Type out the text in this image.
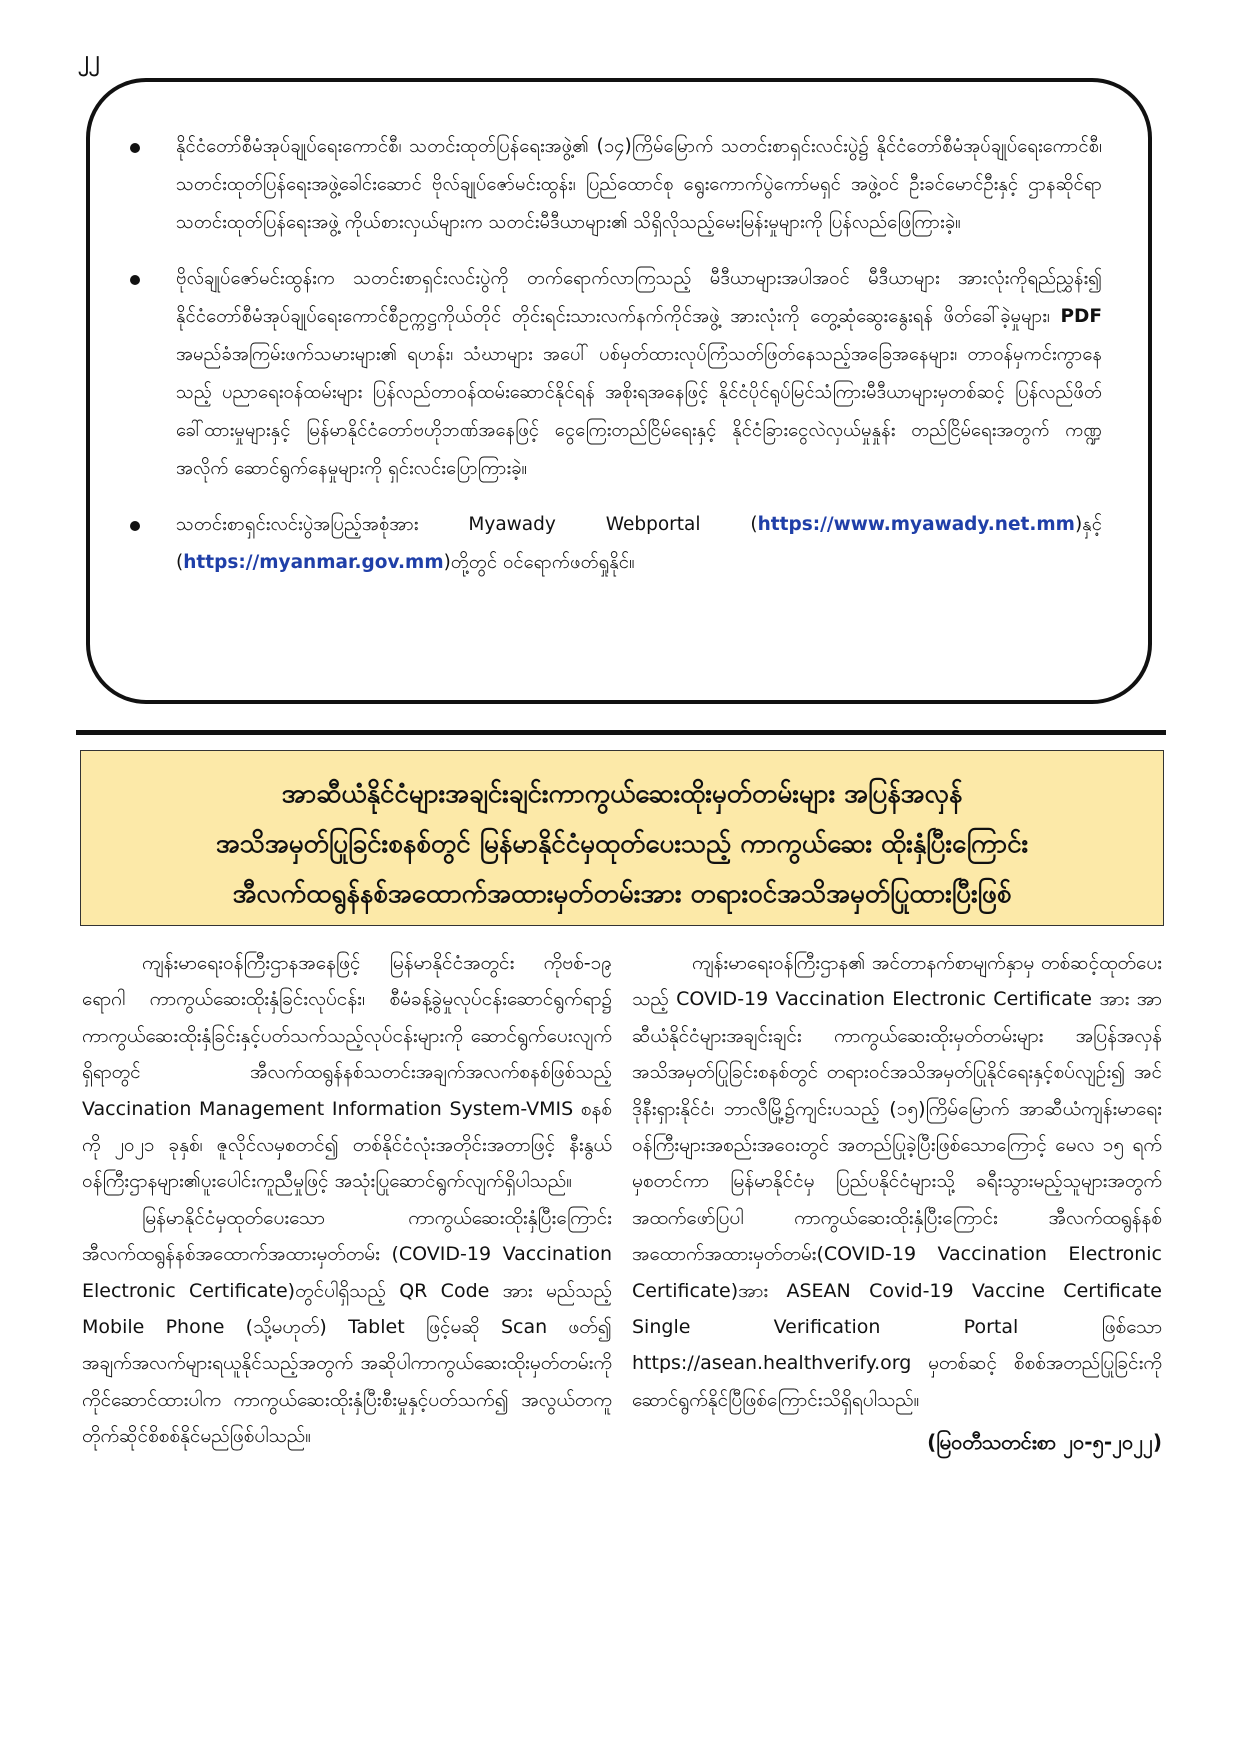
၂၂
နိုင်ငံတော်စီမံအုပ်ချုပ်ရေးကောင်စီ၊ သတင်းထုတ်ပြန်ရေးအဖွဲ့၏ (၁၄)ကြိမ်မြောက် သတင်းစာရှင်းလင်းပွဲ၌ နိုင်ငံတော်စီမံအုပ်ချုပ်ရေးကောင်စီ၊ သတင်းထုတ်ပြန်ရေးအဖွဲ့ခေါင်းဆောင် ဗိုလ်ချုပ်ဇော်မင်းထွန်း၊ ပြည်ထောင်စု ရွေးကောက်ပွဲကော်မရှင် အဖွဲ့ဝင် ဦးခင်မောင်ဦးနှင့် ဌာနဆိုင်ရာသတင်းထုတ်ပြန်ရေးအဖွဲ့ ကိုယ်စားလှယ်များက သတင်းမီဒီယာများ၏ သိရှိလိုသည့်မေးမြန်းမှုများကို ပြန်လည်ဖြေကြားခဲ့။
ဗိုလ်ချုပ်ဇော်မင်းထွန်းက သတင်းစာရှင်းလင်းပွဲကို တက်ရောက်လာကြသည့် မီဒီယာများအပါအဝင် မီဒီယာများ အားလုံးကိုရည်ညွှန်း၍ နိုင်ငံတော်စီမံအုပ်ချုပ်ရေးကောင်စီဥက္ကဋ္ဌကိုယ်တိုင် တိုင်းရင်းသားလက်နက်ကိုင်အဖွဲ့ အားလုံးကို တွေ့ဆုံဆွေးနွေးရန် ဖိတ်ခေါ်ခဲ့မှုများ၊ PDF အမည်ခံအကြမ်းဖက်သမားများ၏ ရဟန်း၊ သံဃာများ အပေါ် ပစ်မှတ်ထားလုပ်ကြံသတ်ဖြတ်နေသည့်အခြေအနေများ၊ တာဝန်မှကင်းကွာနေသည့် ပညာရေးဝန်ထမ်းများ ပြန်လည်တာဝန်ထမ်းဆောင်နိုင်ရန် အစိုးရအနေဖြင့် နိုင်ငံပိုင်ရုပ်မြင်သံကြားမီဒီယာများမှတစ်ဆင့် ပြန်လည်ဖိတ်ခေါ်ထားမှုများနှင့် မြန်မာနိုင်ငံတော်ဗဟိုဘဏ်အနေဖြင့် ငွေကြေးတည်ငြိမ်ရေးနှင့် နိုင်ငံခြားငွေလဲလှယ်မှုနှုန်း တည်ငြိမ်ရေးအတွက် ကဏ္ဍအလိုက် ဆောင်ရွက်နေမှုများကို ရှင်းလင်းပြောကြားခဲ့။
သတင်းစာရှင်းလင်းပွဲအပြည့်အစုံအား Myawady Webportal (https://www.myawady.net.mm)နှင့် (https://myanmar.gov.mm)တို့တွင် ဝင်ရောက်ဖတ်ရှုနိုင်။
အာဆီယံနိုင်ငံများအချင်းချင်းကာကွယ်ဆေးထိုးမှတ်တမ်းများ အပြန်အလှန်
အသိအမှတ်ပြုခြင်းစနစ်တွင် မြန်မာနိုင်ငံမှထုတ်ပေးသည့် ကာကွယ်ဆေး ထိုးနှံပြီးကြောင်း
အီလက်ထရွန်နစ်အထောက်အထားမှတ်တမ်းအား တရားဝင်အသိအမှတ်ပြုထားပြီးဖြစ်

ကျန်းမာရေးဝန်ကြီးဌာနအနေဖြင့် မြန်မာနိုင်ငံအတွင်း ကိုဗစ်-၁၉ ရောဂါ ကာကွယ်ဆေးထိုးနှံခြင်းလုပ်ငန်း၊ စီမံခန့်ခွဲမှုလုပ်ငန်းဆောင်ရွက်ရာ၌ ကာကွယ်ဆေးထိုးနှံခြင်းနှင့်ပတ်သက်သည့်လုပ်ငန်းများကို ဆောင်ရွက်ပေးလျက်ရှိရာတွင် အီလက်ထရွန်နစ်သတင်းအချက်အလက်စနစ်ဖြစ်သည့် Vaccination Management Information System-VMIS စနစ်ကို ၂၀၂၁ ခုနှစ်၊ ဇူလိုင်လမှစတင်၍ တစ်နိုင်ငံလုံးအတိုင်းအတာဖြင့် နီးနွယ်ဝန်ကြီးဌာနများ၏ပူးပေါင်းကူညီမှုဖြင့် အသုံးပြုဆောင်ရွက်လျက်ရှိပါသည်။

မြန်မာနိုင်ငံမှထုတ်ပေးသော ကာကွယ်ဆေးထိုးနှံပြီးကြောင်း အီလက်ထရွန်နစ်အထောက်အထားမှတ်တမ်း (COVID-19 Vaccination Electronic Certificate)တွင်ပါရှိသည့် QR Code အား မည်သည့် Mobile Phone (သို့မဟုတ်) Tablet ဖြင့်မဆို Scan ဖတ်၍ အချက်အလက်များရယူနိုင်သည့်အတွက် အဆိုပါကာကွယ်ဆေးထိုးမှတ်တမ်းကို ကိုင်ဆောင်ထားပါက ကာကွယ်ဆေးထိုးနှံပြီးစီးမှုနှင့်ပတ်သက်၍ အလွယ်တကူတိုက်ဆိုင်စိစစ်နိုင်မည်ဖြစ်ပါသည်။

ကျန်းမာရေးဝန်ကြီးဌာန၏ အင်တာနက်စာမျက်နှာမှ တစ်ဆင့်ထုတ်ပေးသည့် COVID-19 Vaccination Electronic Certificate အား အာဆီယံနိုင်ငံများအချင်းချင်း ကာကွယ်ဆေးထိုးမှတ်တမ်းများ အပြန်အလှန်အသိအမှတ်ပြုခြင်းစနစ်တွင် တရားဝင်အသိအမှတ်ပြုနိုင်ရေးနှင့်စပ်လျဉ်း၍ အင်ဒိုနီးရှားနိုင်ငံ၊ ဘာလီမြို့၌ကျင်းပသည့် (၁၅)ကြိမ်မြောက် အာဆီယံကျန်းမာရေးဝန်ကြီးများအစည်းအဝေးတွင် အတည်ပြုခဲ့ပြီးဖြစ်သောကြောင့် မေလ ၁၅ ရက်မှစတင်ကာ မြန်မာနိုင်ငံမှ ပြည်ပနိုင်ငံများသို့ ခရီးသွားမည့်သူများအတွက် အထက်ဖော်ပြပါ ကာကွယ်ဆေးထိုးနှံပြီးကြောင်း အီလက်ထရွန်နစ်အထောက်အထားမှတ်တမ်း(COVID-19 Vaccination Electronic Certificate)အား ASEAN Covid-19 Vaccine Certificate Single Verification Portal ဖြစ်သော https://asean.healthverify.org မှတစ်ဆင့် စိစစ်အတည်ပြုခြင်းကို ဆောင်ရွက်နိုင်ပြီဖြစ်ကြောင်းသိရှိရပါသည်။

(မြဝတီသတင်းစာ ၂၀-၅-၂၀၂၂)
